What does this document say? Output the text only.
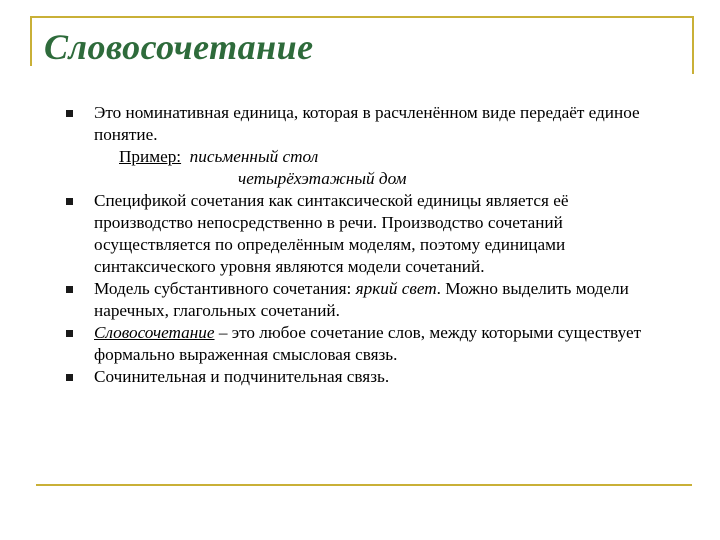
Словосочетание
Это номинативная единица, которая в расчленённом виде передаёт единое понятие.
Пример: письменный стол
четырёхэтажный дом
Спецификой сочетания как синтаксической единицы является её производство непосредственно в речи. Производство сочетаний осуществляется по определённым моделям, поэтому единицами синтаксического уровня являются модели сочетаний.
Модель субстантивного сочетания: яркий свет. Можно выделить модели наречных, глагольных сочетаний.
Словосочетание – это любое сочетание слов, между которыми существует формально выраженная смысловая связь.
Сочинительная и подчинительная связь.
